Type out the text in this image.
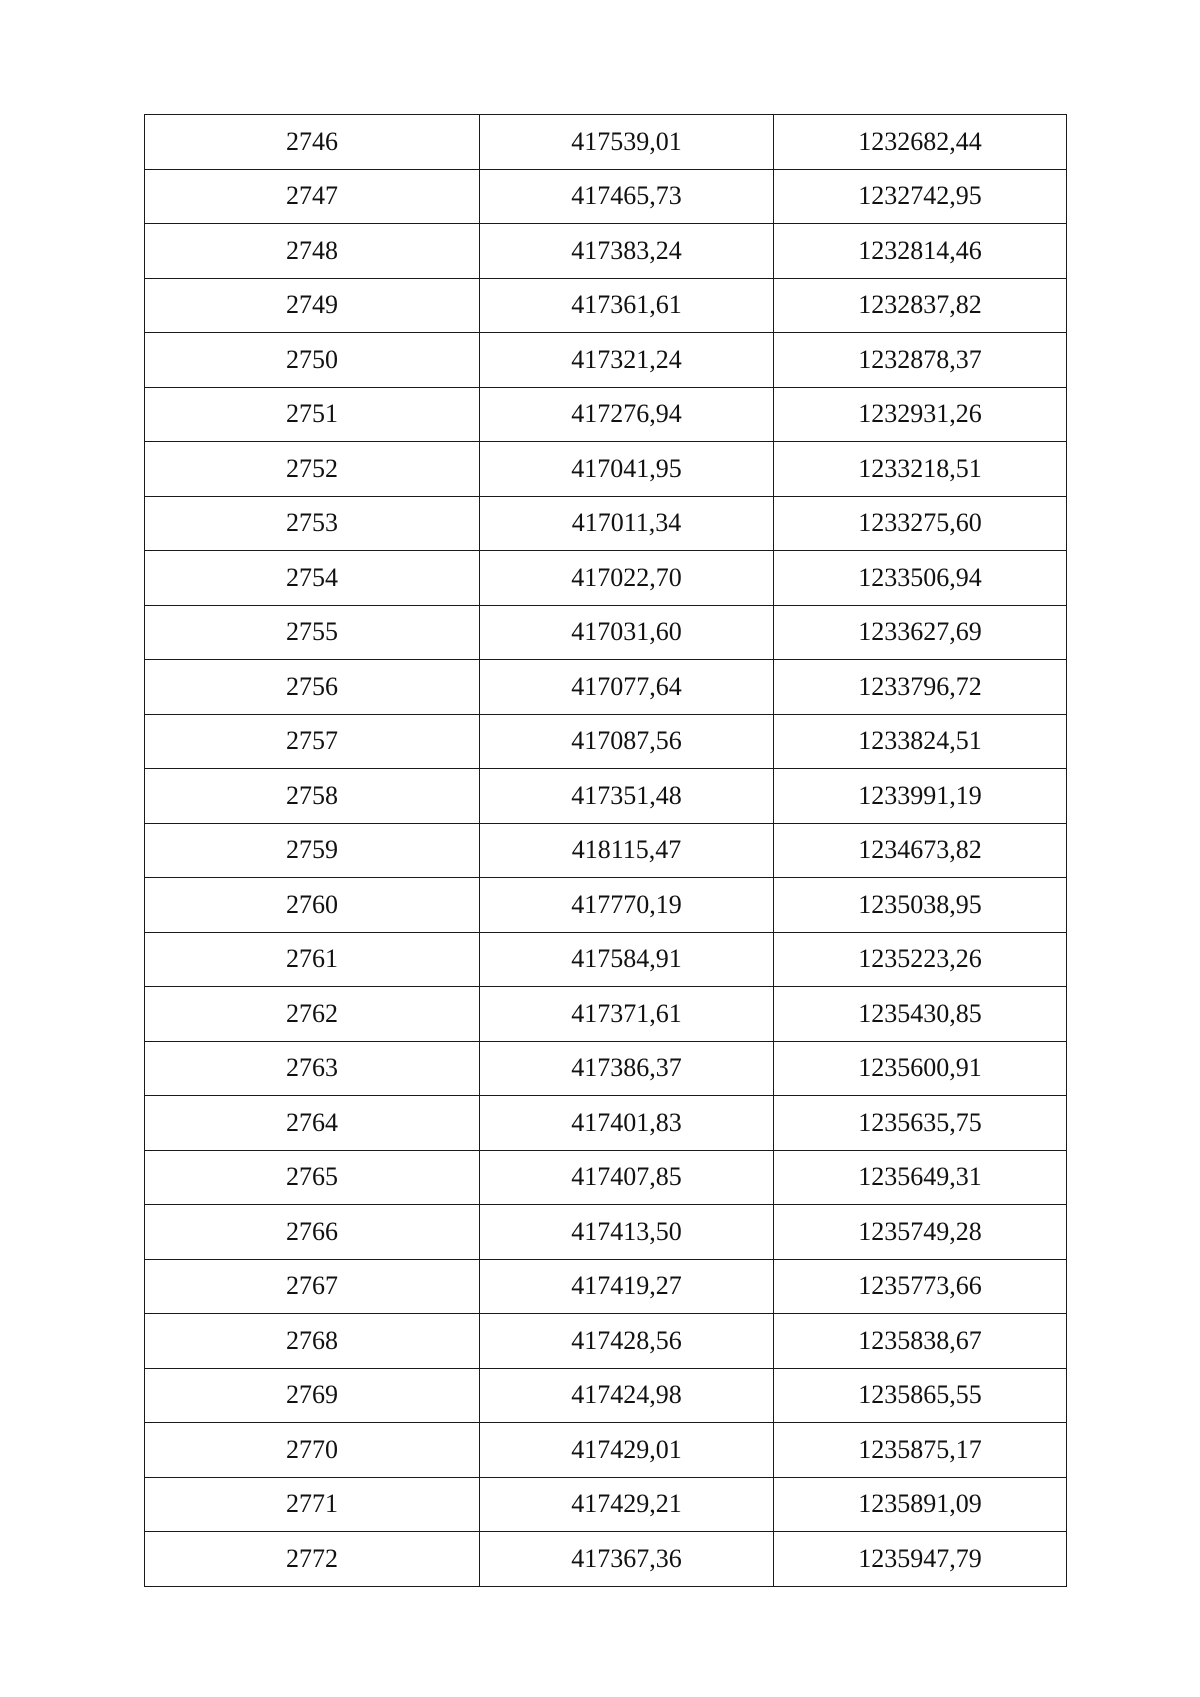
2746	417539,01	1232682,44
2747	417465,73	1232742,95
2748	417383,24	1232814,46
2749	417361,61	1232837,82
2750	417321,24	1232878,37
2751	417276,94	1232931,26
2752	417041,95	1233218,51
2753	417011,34	1233275,60
2754	417022,70	1233506,94
2755	417031,60	1233627,69
2756	417077,64	1233796,72
2757	417087,56	1233824,51
2758	417351,48	1233991,19
2759	418115,47	1234673,82
2760	417770,19	1235038,95
2761	417584,91	1235223,26
2762	417371,61	1235430,85
2763	417386,37	1235600,91
2764	417401,83	1235635,75
2765	417407,85	1235649,31
2766	417413,50	1235749,28
2767	417419,27	1235773,66
2768	417428,56	1235838,67
2769	417424,98	1235865,55
2770	417429,01	1235875,17
2771	417429,21	1235891,09
2772	417367,36	1235947,79
